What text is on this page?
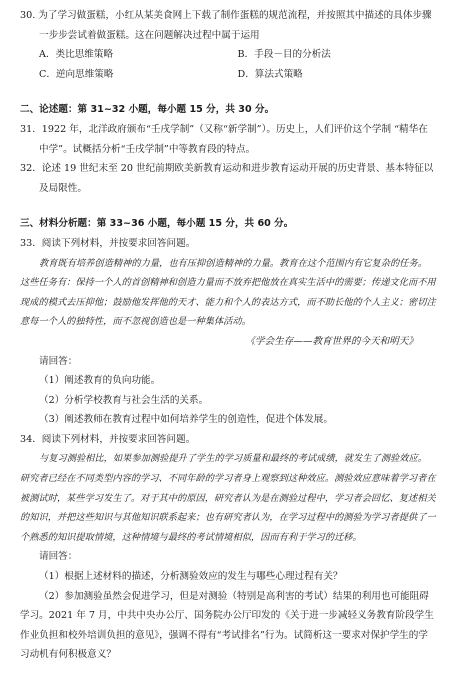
30. 为了学习做蛋糕，小红从某美食网上下载了制作蛋糕的规范流程，并按照其中描述的具体步骤一步步尝试着做蛋糕。这在问题解决过程中属于运用

A．类比思维策略	B．手段－目的分析法
C．逆向思维策略	D．算法式策略

二、论述题：第 31~32 小题，每小题 15 分，共 30 分。

31．1922 年，北洋政府颁布“壬戌学制”（又称“新学制”）。历史上，人们评价这个学制 “精华在中学”。试概括分析“壬戌学制”中等教育段的特点。

32．论述 19 世纪末至 20 世纪前期欧美新教育运动和进步教育运动开展的历史背景、基本特征以及局限性。

三、材料分析题：第 33~36 小题，每小题 15 分，共 60 分。

33．阅读下列材料，并按要求回答问题。

教育既有培养创造精神的力量，也有压抑创造精神的力量。教育在这个范围内有它复杂的任务。这些任务有：保持一个人的首创精神和创造力量而不放弃把他放在真实生活中的需要；传递文化而不用现成的模式去压抑他；鼓励他发挥他的天才、能力和个人的表达方式，而不助长他的个人主义；密切注意每一个人的独特性，而不忽视创造也是一种集体活动。

《学会生存——教育世界的今天和明天》

请回答：

（1）阐述教育的负向功能。

（2）分析学校教育与社会生活的关系。

（3）阐述教师在教育过程中如何培养学生的创造性，促进个体发展。

34．阅读下列材料，并按要求回答问题。

与复习测验相比，如果参加测验提升了学生的学习质量和最终的考试成绩，就发生了测验效应。研究者已经在不同类型内容的学习、不同年龄的学习者身上观察到这种效应。测验效应意味着学习者在被测试时，某些学习发生了。对于其中的原因，研究者认为是在测验过程中，学习者会回忆、复述相关的知识，并把这些知识与其他知识联系起来；也有研究者认为，在学习过程中的测验为学习者提供了一个熟悉的知识提取情境，这种情境与最终的考试情境相似，因而有利于学习的迁移。

请回答：

（1）根据上述材料的描述，分析测验效应的发生与哪些心理过程有关？

（2）参加测验虽然会促进学习，但是对测验（特别是高利害的考试）结果的利用也可能阻碍学习。2021 年 7 月，中共中央办公厅、国务院办公厅印发的《关于进一步减轻义务教育阶段学生作业负担和校外培训负担的意见》，强调不得有“考试排名”行为。试简析这一要求对保护学生的学习动机有何积极意义？
